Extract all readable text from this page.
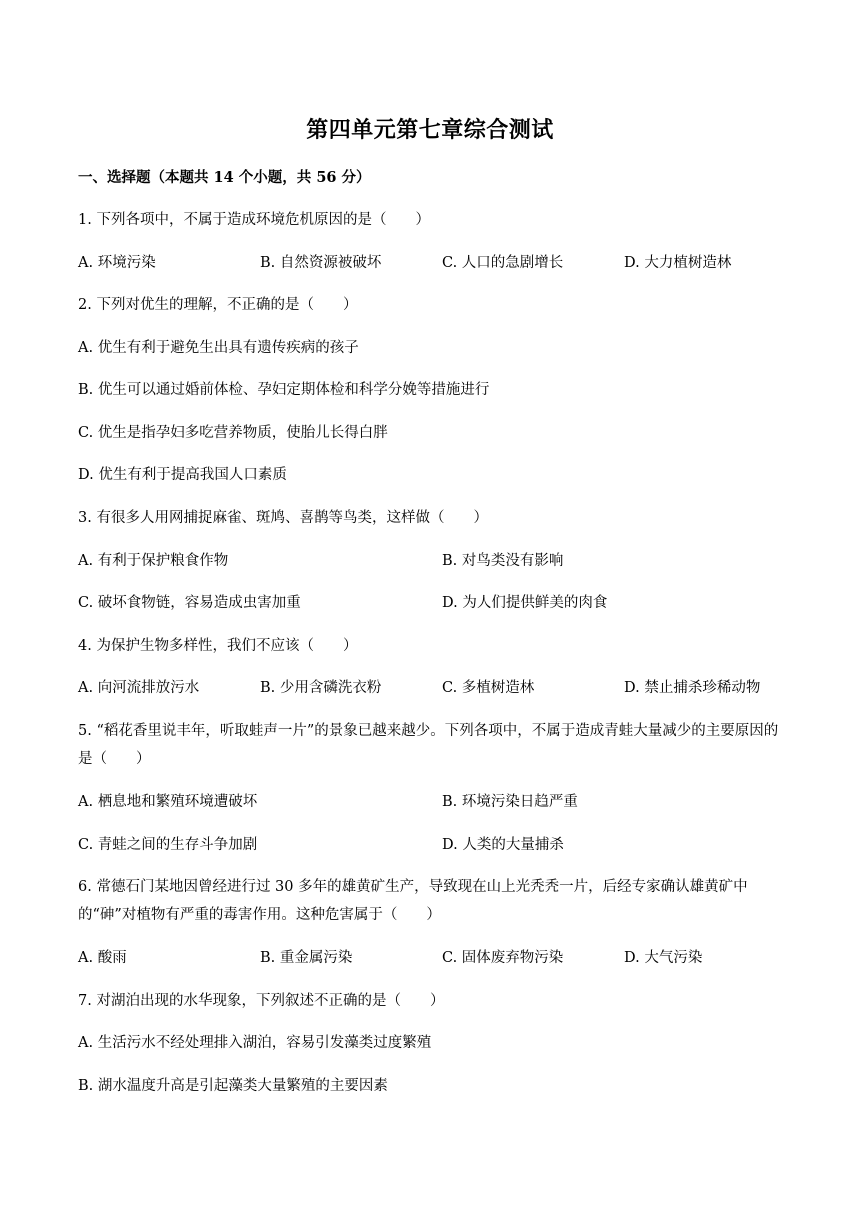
第四单元第七章综合测试
一、选择题（本题共 14 个小题，共 56 分）
1. 下列各项中，不属于造成环境危机原因的是（　　）
A. 环境污染	B. 自然资源被破坏	C. 人口的急剧增长	D. 大力植树造林
2. 下列对优生的理解，不正确的是（　　）
A. 优生有利于避免生出具有遗传疾病的孩子
B. 优生可以通过婚前体检、孕妇定期体检和科学分娩等措施进行
C. 优生是指孕妇多吃营养物质，使胎儿长得白胖
D. 优生有利于提高我国人口素质
3. 有很多人用网捕捉麻雀、斑鸠、喜鹊等鸟类，这样做（　　）
A. 有利于保护粮食作物	B. 对鸟类没有影响
C. 破坏食物链，容易造成虫害加重	D. 为人们提供鲜美的肉食
4. 为保护生物多样性，我们不应该（　　）
A. 向河流排放污水	B. 少用含磷洗衣粉	C. 多植树造林	D. 禁止捕杀珍稀动物
5. “稻花香里说丰年，听取蛙声一片”的景象已越来越少。下列各项中，不属于造成青蛙大量减少的主要原因的是（　　）
A. 栖息地和繁殖环境遭破坏	B. 环境污染日趋严重
C. 青蛙之间的生存斗争加剧	D. 人类的大量捕杀
6. 常德石门某地因曾经进行过 30 多年的雄黄矿生产，导致现在山上光秃秃一片，后经专家确认雄黄矿中的“砷”对植物有严重的毒害作用。这种危害属于（　　）
A. 酸雨	B. 重金属污染	C. 固体废弃物污染	D. 大气污染
7. 对湖泊出现的水华现象，下列叙述不正确的是（　　）
A. 生活污水不经处理排入湖泊，容易引发藻类过度繁殖
B. 湖水温度升高是引起藻类大量繁殖的主要因素
